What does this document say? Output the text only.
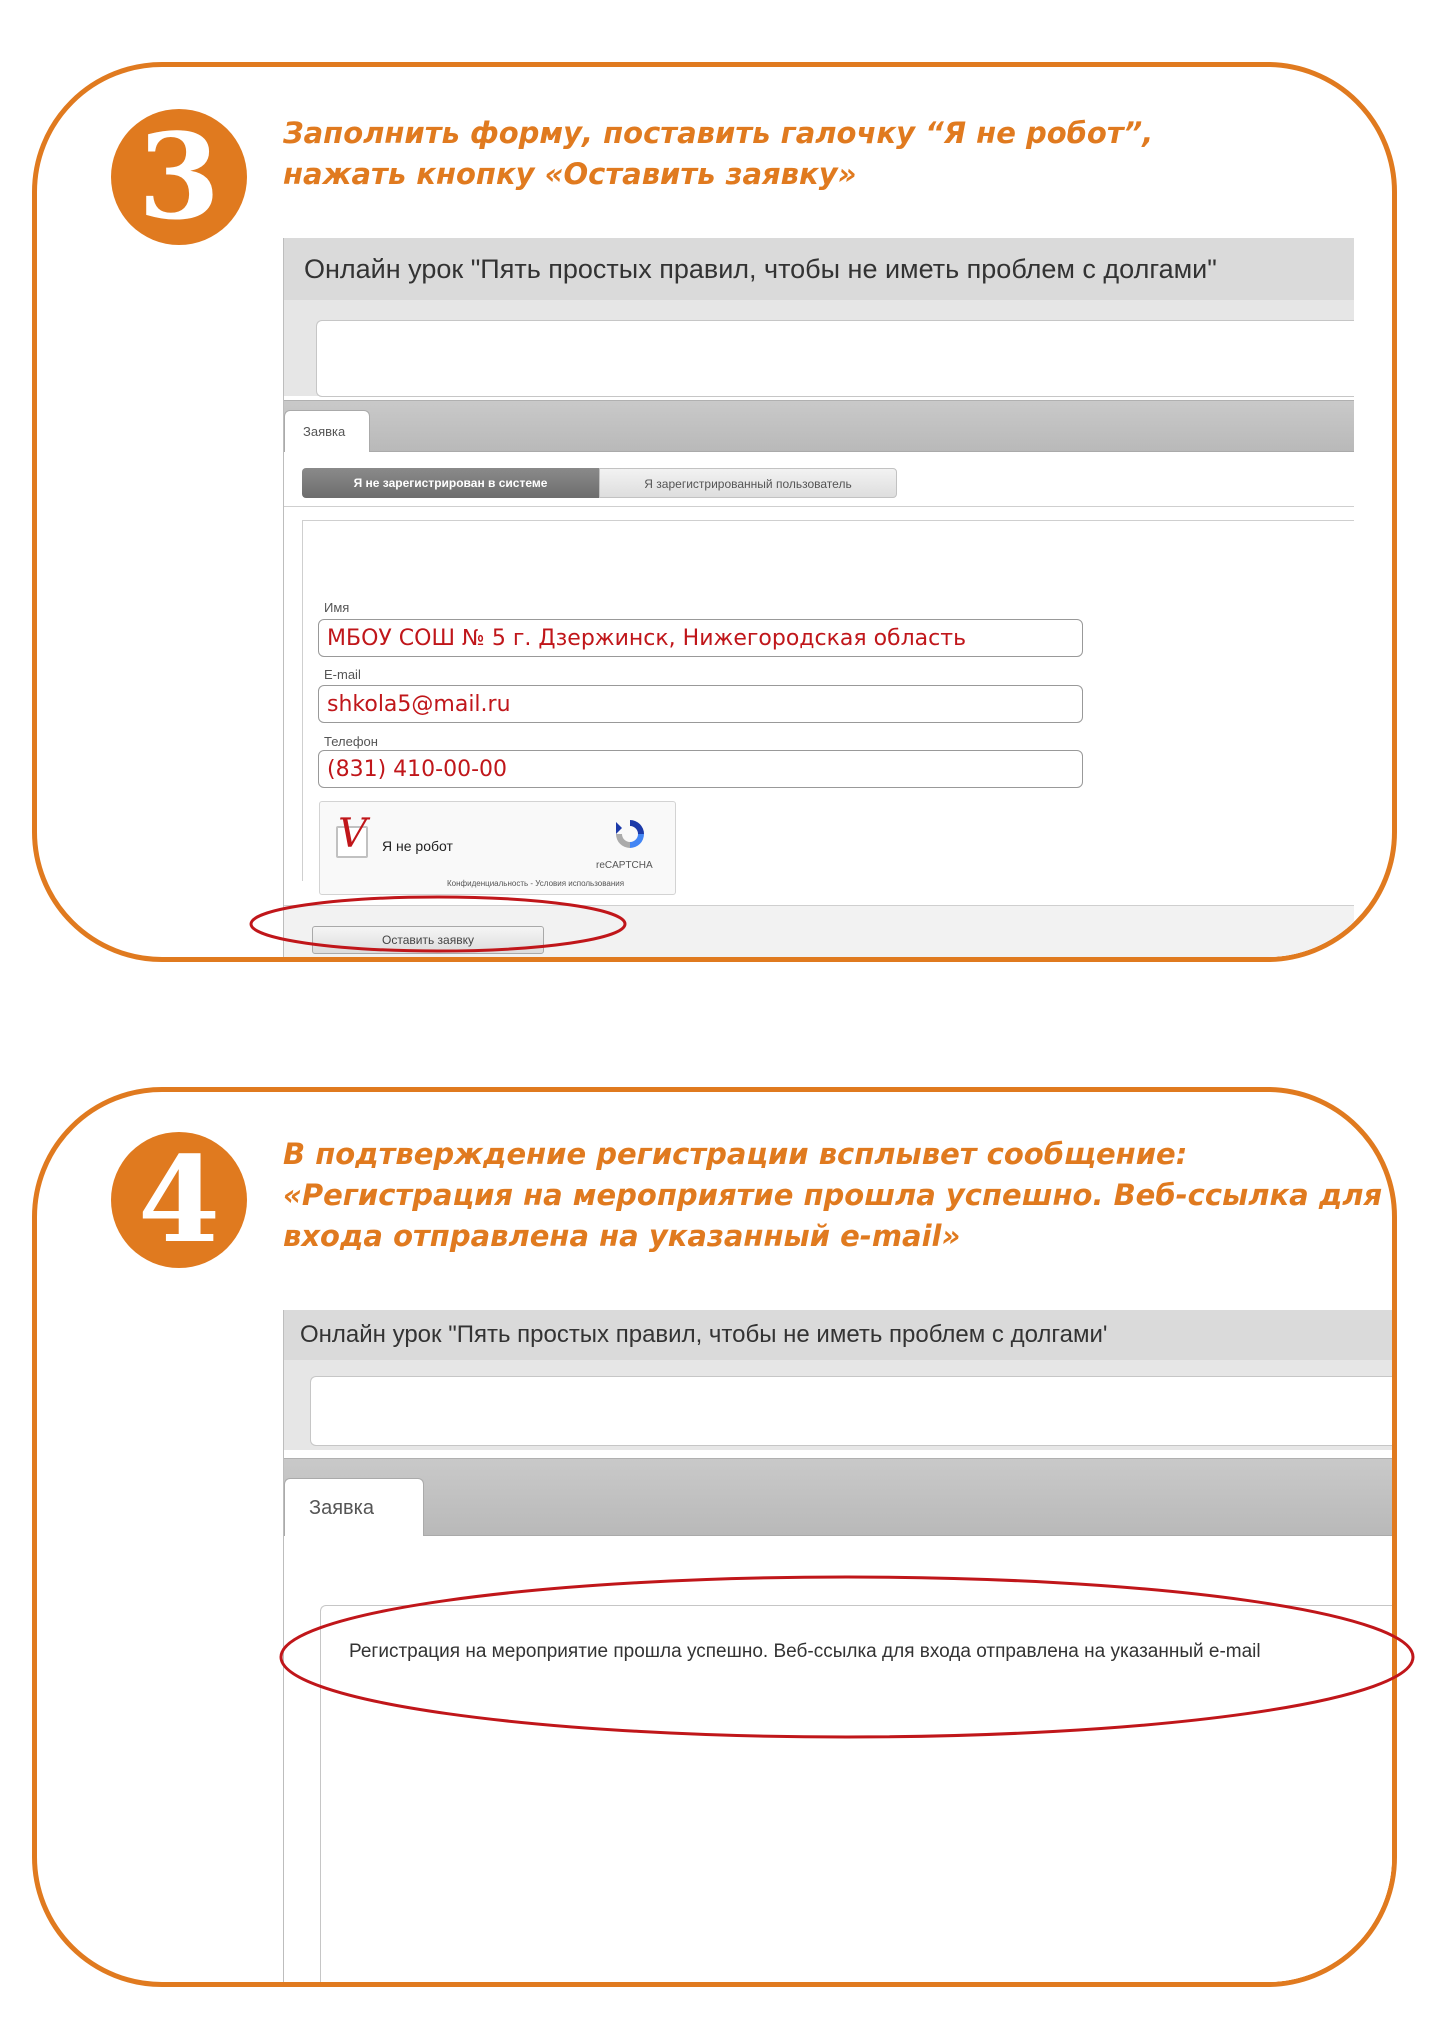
3	Заполнить форму, поставить галочку “Я не робот”,
нажать кнопку «Оставить заявку»

Онлайн урок "Пять простых правил, чтобы не иметь проблем с долгами"
Заявка
Я не зарегистрирован в системе	Я зарегистрированный пользователь
Имя
МБОУ СОШ № 5 г. Дзержинск, Нижегородская область
E-mail
shkola5@mail.ru
Телефон
(831) 410-00-00
V Я не робот
reCAPTCHA
Конфиденциальность - Условия использования
Оставить заявку
4	В подтверждение регистрации всплывет сообщение:
«Регистрация на мероприятие прошла успешно. Веб-ссылка для
входа отправлена на указанный e-mail»

Онлайн урок "Пять простых правил, чтобы не иметь проблем с долгами'
Заявка
Регистрация на мероприятие прошла успешно. Веб-ссылка для входа отправлена на указанный e-mail
